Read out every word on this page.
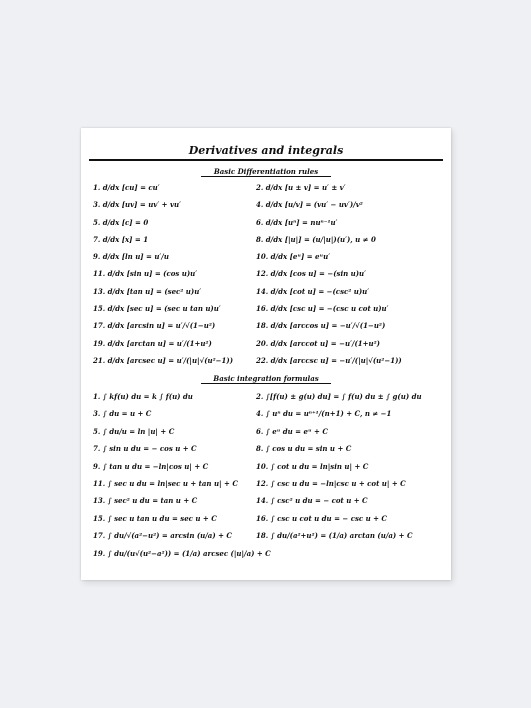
Derivatives and integrals
Basic Differentiation rules
1. d/dx [cu] = cu′
3. d/dx [uv] = uv′ + vu′
5. d/dx [c] = 0
7. d/dx [x] = 1
9. d/dx [ln u] = u′/u
11. d/dx [sin u] = (cos u)u′
13. d/dx [tan u] = (sec² u)u′
15. d/dx [sec u] = (sec u tan u)u′
17. d/dx [arcsin u] = u′/√(1−u²)
19. d/dx [arctan u] = u′/(1+u²)
21. d/dx [arcsec u] = u′/(|u|√(u²−1))
2. d/dx [u ± v] = u′ ± v′
4. d/dx [u/v] = (vu′ − uv′)/v²
6. d/dx [uⁿ] = nuⁿ⁻¹u′
8. d/dx [|u|] = (u/|u|)(u′), u ≠ 0
10. d/dx [eᵘ] = eᵘu′
12. d/dx [cos u] = −(sin u)u′
14. d/dx [cot u] = −(csc² u)u′
16. d/dx [csc u] = −(csc u cot u)u′
18. d/dx [arccos u] = −u′/√(1−u²)
20. d/dx [arccot u] = −u′/(1+u²)
22. d/dx [arccsc u] = −u′/(|u|√(u²−1))
Basic integration formulas
1. ∫ kf(u) du = k ∫ f(u) du
3. ∫ du = u + C
5. ∫ du/u = ln |u| + C
7. ∫ sin u du = − cos u + C
9. ∫ tan u du = −ln|cos u| + C
11. ∫ sec u du = ln|sec u + tan u| + C
13. ∫ sec² u du = tan u + C
15. ∫ sec u tan u du = sec u + C
17. ∫ du/√(a²−u²) = arcsin (u/a) + C
19. ∫ du/(u√(u²−a²)) = (1/a) arcsec (|u|/a) + C
2. ∫[f(u) ± g(u) du] = ∫ f(u) du ± ∫ g(u) du
4. ∫ uⁿ du = uⁿ⁺¹/(n+1) + C, n ≠ −1
6. ∫ eᵘ du = eᵘ + C
8. ∫ cos u du = sin u + C
10. ∫ cot u du = ln|sin u| + C
12. ∫ csc u du = −ln|csc u + cot u| + C
14. ∫ csc² u du = − cot u + C
16. ∫ csc u cot u du = − csc u + C
18. ∫ du/(a²+u²) = (1/a) arctan (u/a) + C
